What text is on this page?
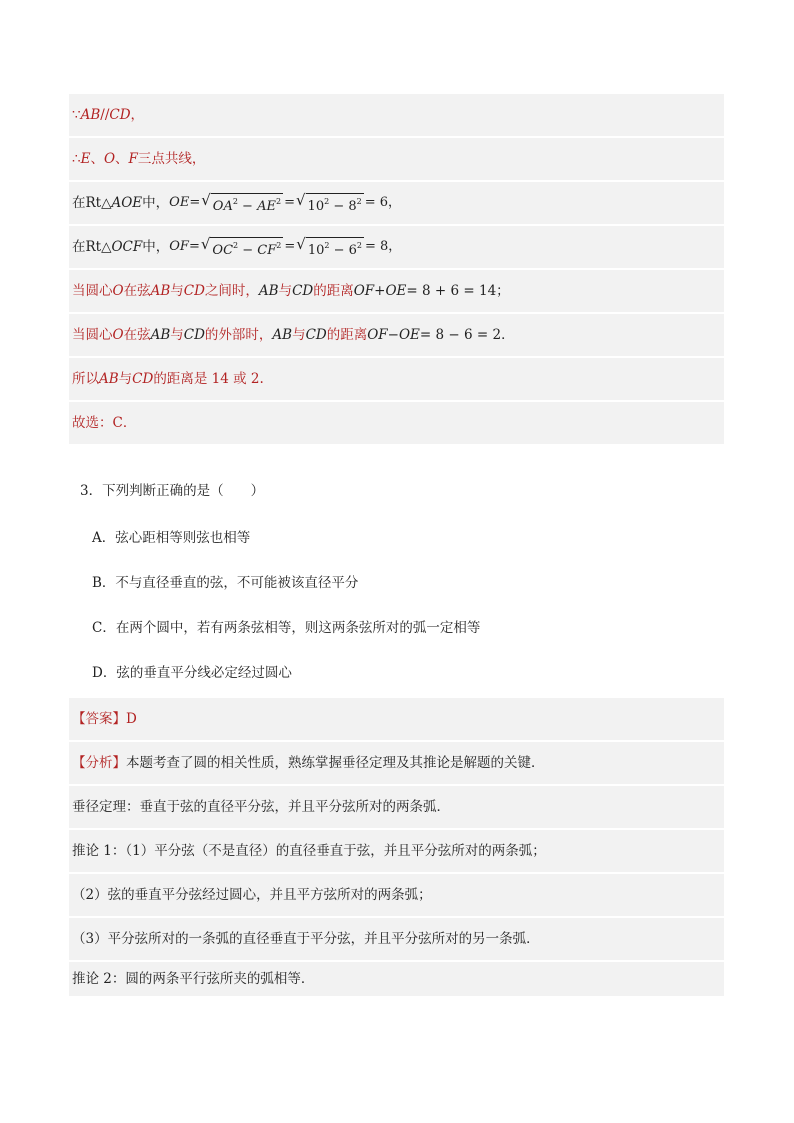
∵ AB // CD ，
∴ E 、 O 、 F 三点共线，
在Rt△ AOE 中， OE = √ $OA^2 - AE^2$ = √ $10^2 - 8^2 = 6$，
在Rt△ OCF 中， OF = √ $OC^2 - CF^2$ = √ $10^2 - 6^2 = 8$，
当圆心 O 在弦 AB 与 CD 之间时， AB 与 CD 的距离 OF + OE = 8 + 6 = 14；
当圆心 O 在弦 AB 与 CD 的外部时， AB 与 CD 的距离 OF − OE = 8 − 6 = 2．
所以 AB 与 CD 的距离是 14 或 2.
故选：C．
3．下列判断正确的是（　　）
A．弦心距相等则弦也相等
B．不与直径垂直的弦，不可能被该直径平分
C．在两个圆中，若有两条弦相等，则这两条弦所对的弧一定相等
D．弦的垂直平分线必定经过圆心
【答案】 D
【分析】 本题考查了圆的相关性质，熟练掌握垂径定理及其推论是解题的关键．
垂径定理：垂直于弦的直径平分弦，并且平分弦所对的两条弧．
推论 1：（1）平分弦（不是直径）的直径垂直于弦，并且平分弦所对的两条弧；
（2）弦的垂直平分弦经过圆心，并且平方弦所对的两条弧；
（3）平分弦所对的一条弧的直径垂直于平分弦，并且平分弦所对的另一条弧．
推论 2：圆的两条平行弦所夹的弧相等．
